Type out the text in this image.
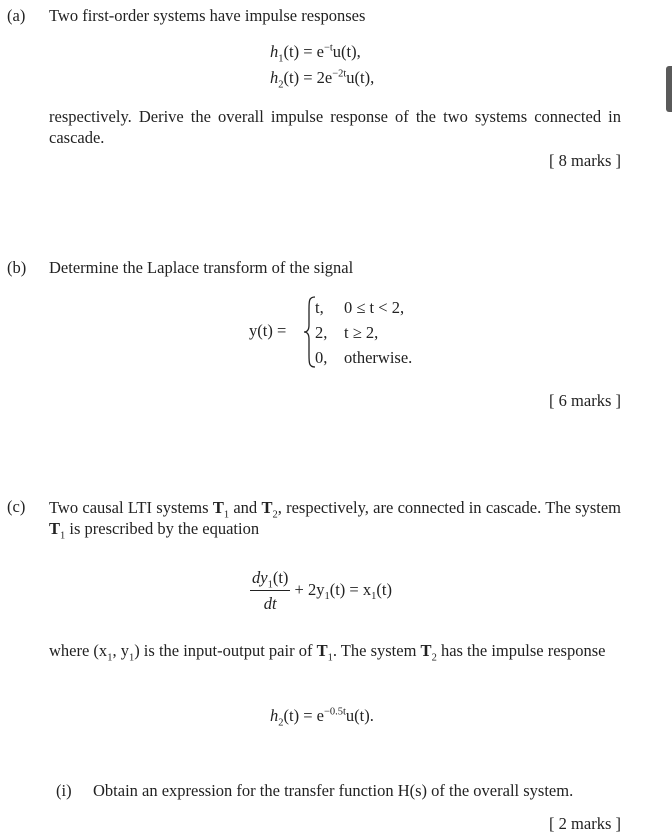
(a) Two first-order systems have impulse responses
$h_1(t) = e^{-t}u(t)$,
$h_2(t) = 2e^{-2t}u(t)$,
respectively. Derive the overall impulse response of the two systems connected in cascade.
[ 8 marks ]
(b) Determine the Laplace transform of the signal
y(t) =
t, 0 ≤ t < 2,
2, t ≥ 2,
0, otherwise.
[ 6 marks ]
(c) Two causal LTI systems $T_1$ and $T_2$, respectively, are connected in cascade. The system $T_1$ is prescribed by the equation
$\frac{dy_1(t)}{dt} + 2y_1(t) = x_1(t)$
where ($x_1$, $y_1$) is the input-output pair of $T_1$. The system $T_2$ has the impulse response
$h_2(t) = e^{-0.5t}u(t)$.
(i) Obtain an expression for the transfer function H(s) of the overall system.
[ 2 marks ]
